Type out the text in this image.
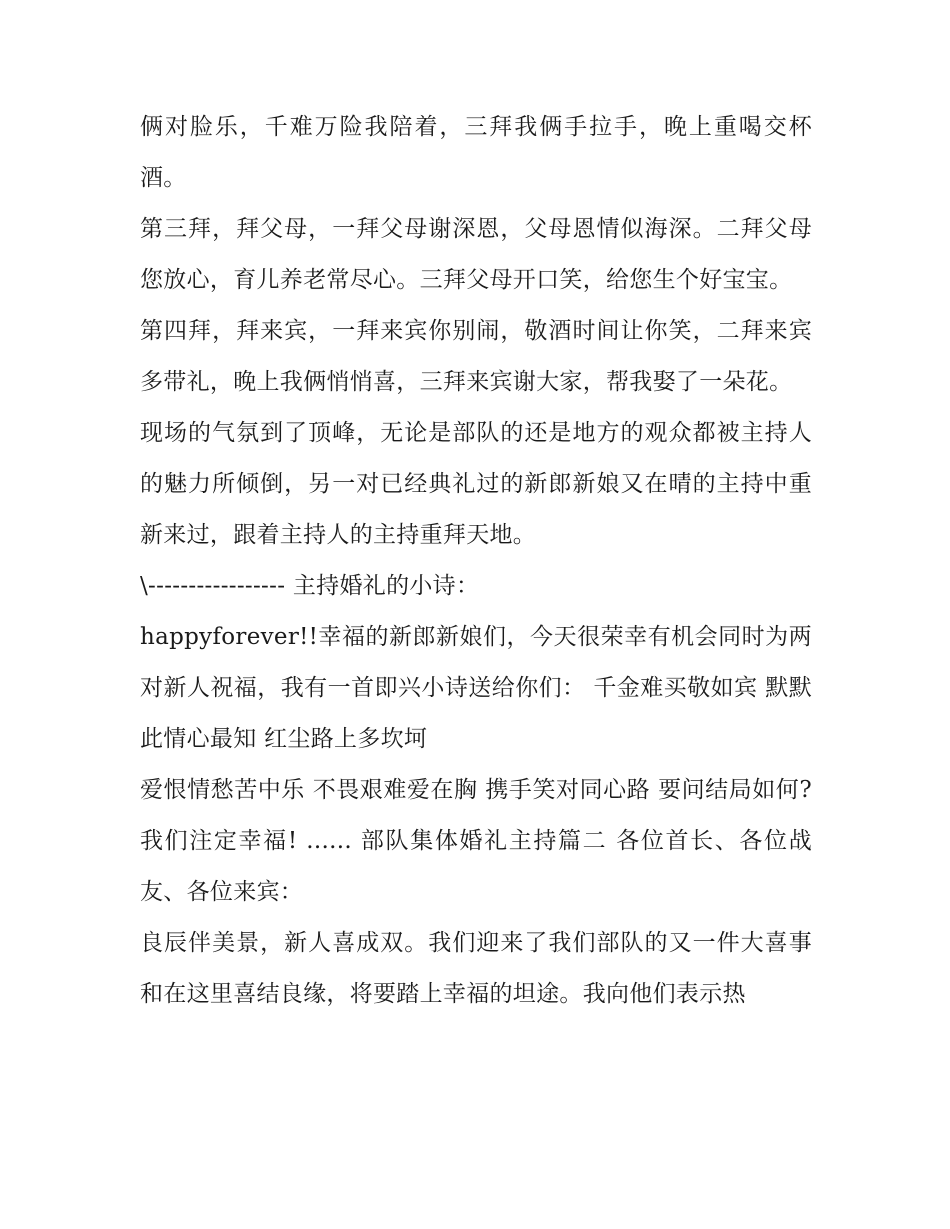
俩对脸乐，千难万险我陪着，三拜我俩手拉手，晚上重喝交杯酒。

第三拜，拜父母，一拜父母谢深恩，父母恩情似海深。二拜父母您放心，育儿养老常尽心。三拜父母开口笑，给您生个好宝宝。

第四拜，拜来宾，一拜来宾你别闹，敬酒时间让你笑，二拜来宾多带礼，晚上我俩悄悄喜，三拜来宾谢大家，帮我娶了一朵花。

现场的气氛到了顶峰，无论是部队的还是地方的观众都被主持人的魅力所倾倒，另一对已经典礼过的新郎新娘又在晴的主持中重新来过，跟着主持人的主持重拜天地。

\----------------- 主持婚礼的小诗：

happyforever!!幸福的新郎新娘们，今天很荣幸有机会同时为两对新人祝福，我有一首即兴小诗送给你们： 千金难买敬如宾 默默此情心最知 红尘路上多坎坷

爱恨情愁苦中乐 不畏艰难爱在胸 携手笑对同心路 要问结局如何? 我们注定幸福! ...... 部队集体婚礼主持篇二 各位首长、各位战友、各位来宾：

良辰伴美景，新人喜成双。我们迎来了我们部队的又一件大喜事和在这里喜结良缘，将要踏上幸福的坦途。我向他们表示热
